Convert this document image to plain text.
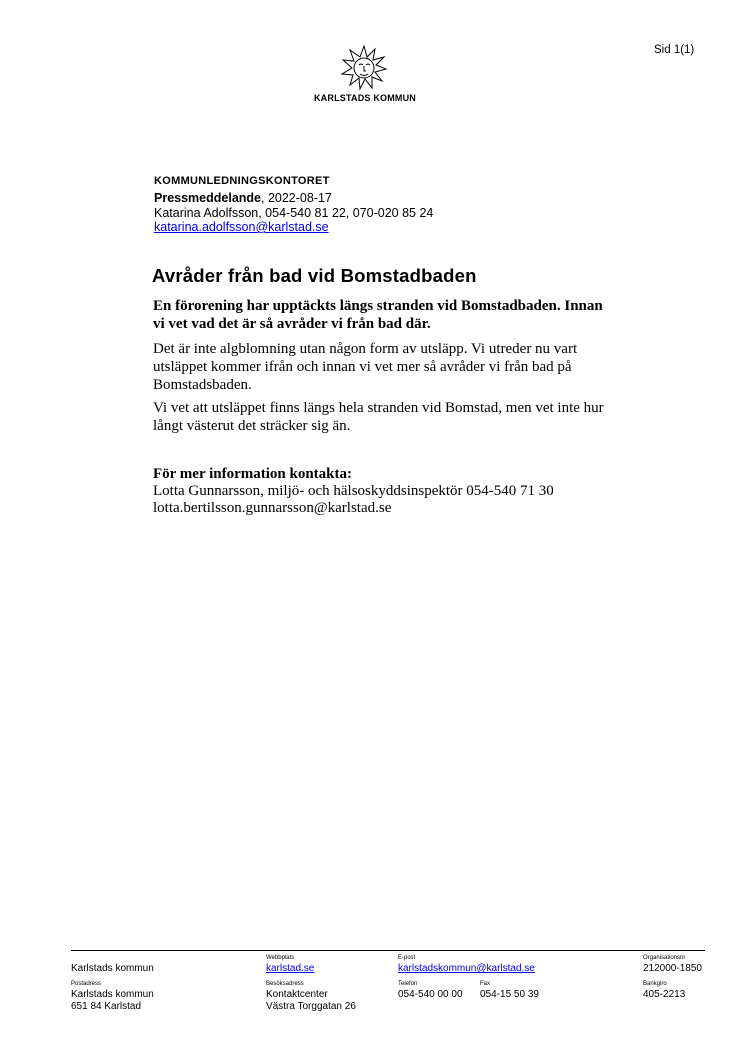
Sid 1(1)
KARLSTADS KOMMUN
KOMMUNLEDNINGSKONTORET
Pressmeddelande, 2022-08-17
Katarina Adolfsson, 054-540 81 22, 070-020 85 24
katarina.adolfsson@karlstad.se
Avråder från bad vid Bomstadbaden
En förorening har upptäckts längs stranden vid Bomstadbaden. Innan vi vet vad det är så avråder vi från bad där.
Det är inte algblomning utan någon form av utsläpp. Vi utreder nu vart utsläppet kommer ifrån och innan vi vet mer så avråder vi från bad på Bomstadsbaden.
Vi vet att utsläppet finns längs hela stranden vid Bomstad, men vet inte hur långt västerut det sträcker sig än.
För mer information kontakta:
Lotta Gunnarsson, miljö- och hälsoskyddsinspektör 054-540 71 30
lotta.bertilsson.gunnarsson@karlstad.se
Karlstads kommun
Webbplats
karlstad.se
E-post
karlstadskommun@karlstad.se
Organisationsnr
212000-1850
Postadress
Karlstads kommun
651 84 Karlstad
Besöksadress
Kontaktcenter
Västra Torggatan 26
Telefon
054-540 00 00
Fax
054-15 50 39
Bankgiro
405-2213
